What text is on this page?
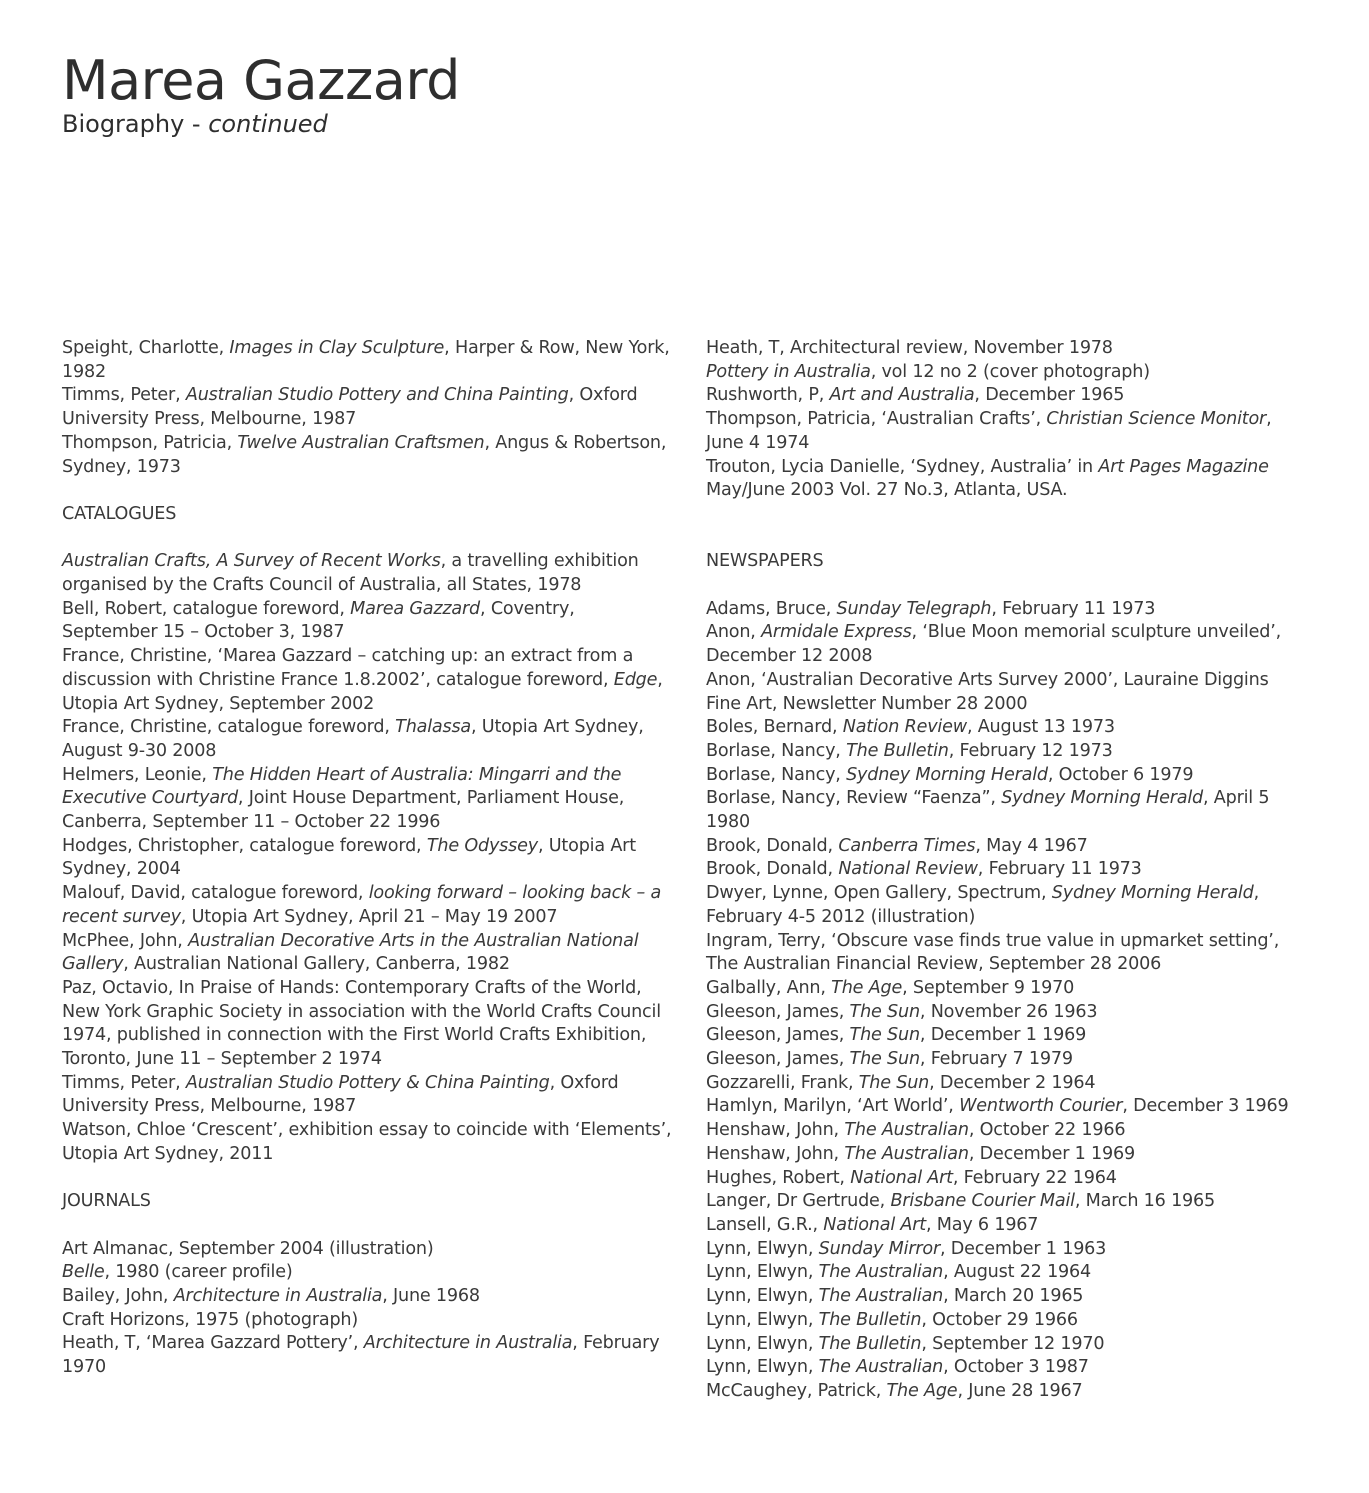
Marea Gazzard
Biography - continued

Speight, Charlotte, Images in Clay Sculpture, Harper & Row, New York, 1982

Timms, Peter, Australian Studio Pottery and China Painting, Oxford University Press, Melbourne, 1987

Thompson, Patricia, Twelve Australian Craftsmen, Angus & Robertson, Sydney, 1973

CATALOGUES

Australian Crafts, A Survey of Recent Works, a travelling exhibition organised by the Crafts Council of Australia, all States, 1978

Bell, Robert, catalogue foreword, Marea Gazzard, Coventry, September 15 – October 3, 1987

France, Christine, ‘Marea Gazzard – catching up: an extract from a discussion with Christine France 1.8.2002’, catalogue foreword, Edge, Utopia Art Sydney, September 2002

France, Christine, catalogue foreword, Thalassa, Utopia Art Sydney, August 9-30 2008

Helmers, Leonie, The Hidden Heart of Australia: Mingarri and the Executive Courtyard, Joint House Department, Parliament House, Canberra, September 11 – October 22 1996

Hodges, Christopher, catalogue foreword, The Odyssey, Utopia Art Sydney, 2004

Malouf, David, catalogue foreword, looking forward – looking back – a recent survey, Utopia Art Sydney, April 21 – May 19 2007

McPhee, John, Australian Decorative Arts in the Australian National Gallery, Australian National Gallery, Canberra, 1982

Paz, Octavio, In Praise of Hands: Contemporary Crafts of the World, New York Graphic Society in association with the World Crafts Council 1974, published in connection with the First World Crafts Exhibition, Toronto, June 11 – September 2 1974

Timms, Peter, Australian Studio Pottery & China Painting, Oxford University Press, Melbourne, 1987

Watson, Chloe ‘Crescent’, exhibition essay to coincide with ‘Elements’, Utopia Art Sydney, 2011

JOURNALS

Art Almanac, September 2004 (illustration)

Belle, 1980 (career profile)

Bailey, John, Architecture in Australia, June 1968

Craft Horizons, 1975 (photograph)

Heath, T, ‘Marea Gazzard Pottery’, Architecture in Australia, February 1970

Heath, T, Architectural review, November 1978

Pottery in Australia, vol 12 no 2 (cover photograph)

Rushworth, P, Art and Australia, December 1965

Thompson, Patricia, ‘Australian Crafts’, Christian Science Monitor, June 4 1974

Trouton, Lycia Danielle, ‘Sydney, Australia’ in Art Pages Magazine May/June 2003 Vol. 27 No.3, Atlanta, USA.

NEWSPAPERS

Adams, Bruce, Sunday Telegraph, February 11 1973

Anon, Armidale Express, ‘Blue Moon memorial sculpture unveiled’, December 12 2008

Anon, ‘Australian Decorative Arts Survey 2000’, Lauraine Diggins Fine Art, Newsletter Number 28 2000

Boles, Bernard, Nation Review, August 13 1973

Borlase, Nancy, The Bulletin, February 12 1973

Borlase, Nancy, Sydney Morning Herald, October 6 1979

Borlase, Nancy, Review “Faenza”, Sydney Morning Herald, April 5 1980

Brook, Donald, Canberra Times, May 4 1967

Brook, Donald, National Review, February 11 1973

Dwyer, Lynne, Open Gallery, Spectrum, Sydney Morning Herald, February 4-5 2012 (illustration)

Ingram, Terry, ‘Obscure vase finds true value in upmarket setting’, The Australian Financial Review, September 28 2006

Galbally, Ann, The Age, September 9 1970

Gleeson, James, The Sun, November 26 1963

Gleeson, James, The Sun, December 1 1969

Gleeson, James, The Sun, February 7 1979

Gozzarelli, Frank, The Sun, December 2 1964

Hamlyn, Marilyn, ‘Art World’, Wentworth Courier, December 3 1969

Henshaw, John, The Australian, October 22 1966

Henshaw, John, The Australian, December 1 1969

Hughes, Robert, National Art, February 22 1964

Langer, Dr Gertrude, Brisbane Courier Mail, March 16 1965

Lansell, G.R., National Art, May 6 1967

Lynn, Elwyn, Sunday Mirror, December 1 1963

Lynn, Elwyn, The Australian, August 22 1964

Lynn, Elwyn, The Australian, March 20 1965

Lynn, Elwyn, The Bulletin, October 29 1966

Lynn, Elwyn, The Bulletin, September 12 1970

Lynn, Elwyn, The Australian, October 3 1987

McCaughey, Patrick, The Age, June 28 1967
